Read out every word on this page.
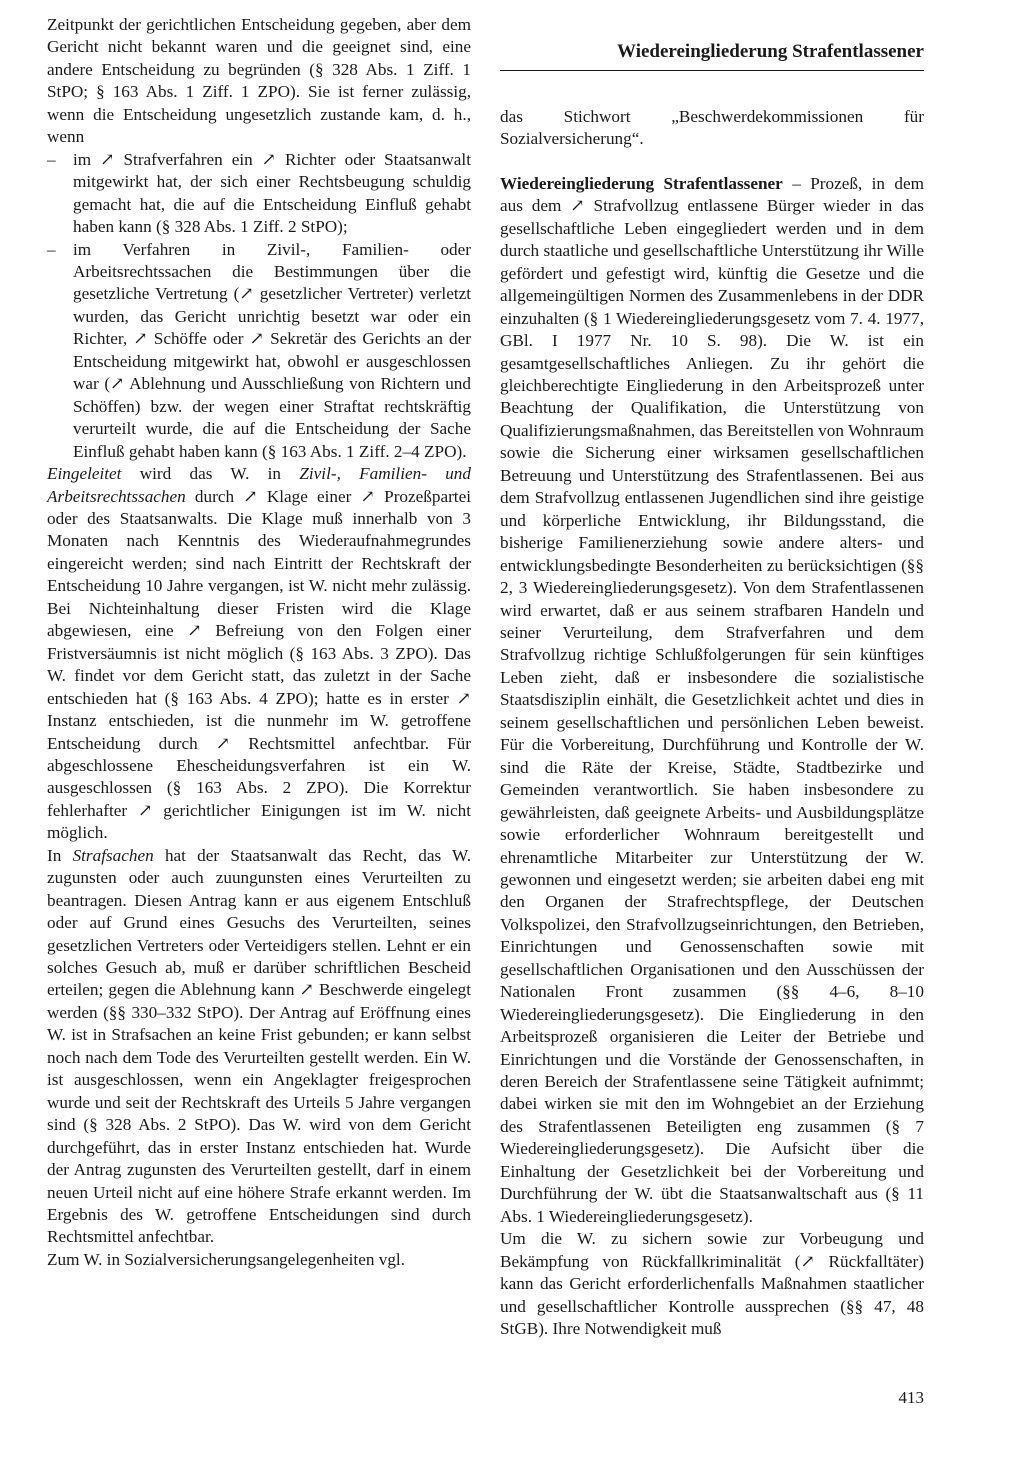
Wiedereingliederung Strafentlassener

Zeitpunkt der gerichtlichen Entscheidung gegeben, aber dem Gericht nicht bekannt waren und die geeignet sind, eine andere Entscheidung zu begründen (§ 328 Abs. 1 Ziff. 1 StPO; § 163 Abs. 1 Ziff. 1 ZPO). Sie ist ferner zulässig, wenn die Entscheidung ungesetzlich zustande kam, d. h., wenn

– im ↗ Strafverfahren ein ↗ Richter oder Staatsanwalt mitgewirkt hat, der sich einer Rechtsbeugung schuldig gemacht hat, die auf die Entscheidung Einfluß gehabt haben kann (§ 328 Abs. 1 Ziff. 2 StPO);

– im Verfahren in Zivil-, Familien- oder Arbeitsrechtssachen die Bestimmungen über die gesetzliche Vertretung (↗ gesetzlicher Vertreter) verletzt wurden, das Gericht unrichtig besetzt war oder ein Richter, ↗ Schöffe oder ↗ Sekretär des Gerichts an der Entscheidung mitgewirkt hat, obwohl er ausgeschlossen war (↗ Ablehnung und Ausschließung von Richtern und Schöffen) bzw. der wegen einer Straftat rechtskräftig verurteilt wurde, die auf die Entscheidung der Sache Einfluß gehabt haben kann (§ 163 Abs. 1 Ziff. 2–4 ZPO).

Eingeleitet wird das W. in Zivil-, Familien- und Arbeitsrechtssachen durch ↗ Klage einer ↗ Prozeßpartei oder des Staatsanwalts. Die Klage muß innerhalb von 3 Monaten nach Kenntnis des Wiederaufnahmegrundes eingereicht werden; sind nach Eintritt der Rechtskraft der Entscheidung 10 Jahre vergangen, ist W. nicht mehr zulässig. Bei Nichteinhaltung dieser Fristen wird die Klage abgewiesen, eine ↗ Befreiung von den Folgen einer Fristversäumnis ist nicht möglich (§ 163 Abs. 3 ZPO). Das W. findet vor dem Gericht statt, das zuletzt in der Sache entschieden hat (§ 163 Abs. 4 ZPO); hatte es in erster ↗ Instanz entschieden, ist die nunmehr im W. getroffene Entscheidung durch ↗ Rechtsmittel anfechtbar. Für abgeschlossene Ehescheidungsverfahren ist ein W. ausgeschlossen (§ 163 Abs. 2 ZPO). Die Korrektur fehlerhafter ↗ gerichtlicher Einigungen ist im W. nicht möglich.

In Strafsachen hat der Staatsanwalt das Recht, das W. zugunsten oder auch zuungunsten eines Verurteilten zu beantragen. Diesen Antrag kann er aus eigenem Entschluß oder auf Grund eines Gesuchs des Verurteilten, seines gesetzlichen Vertreters oder Verteidigers stellen. Lehnt er ein solches Gesuch ab, muß er darüber schriftlichen Bescheid erteilen; gegen die Ablehnung kann ↗ Beschwerde eingelegt werden (§§ 330–332 StPO). Der Antrag auf Eröffnung eines W. ist in Strafsachen an keine Frist gebunden; er kann selbst noch nach dem Tode des Verurteilten gestellt werden. Ein W. ist ausgeschlossen, wenn ein Angeklagter freigesprochen wurde und seit der Rechtskraft des Urteils 5 Jahre vergangen sind (§ 328 Abs. 2 StPO). Das W. wird von dem Gericht durchgeführt, das in erster Instanz entschieden hat. Wurde der Antrag zugunsten des Verurteilten gestellt, darf in einem neuen Urteil nicht auf eine höhere Strafe erkannt werden. Im Ergebnis des W. getroffene Entscheidungen sind durch Rechtsmittel anfechtbar.

Zum W. in Sozialversicherungsangelegenheiten vgl.

das Stichwort „Beschwerdekommissionen für Sozialversicherung“.

Wiedereingliederung Strafentlassener – Prozeß, in dem aus dem ↗ Strafvollzug entlassene Bürger wieder in das gesellschaftliche Leben eingegliedert werden und in dem durch staatliche und gesellschaftliche Unterstützung ihr Wille gefördert und gefestigt wird, künftig die Gesetze und die allgemeingültigen Normen des Zusammenlebens in der DDR einzuhalten (§ 1 Wiedereingliederungsgesetz vom 7. 4. 1977, GBl. I 1977 Nr. 10 S. 98). Die W. ist ein gesamtgesellschaftliches Anliegen. Zu ihr gehört die gleichberechtigte Eingliederung in den Arbeitsprozeß unter Beachtung der Qualifikation, die Unterstützung von Qualifizierungsmaßnahmen, das Bereitstellen von Wohnraum sowie die Sicherung einer wirksamen gesellschaftlichen Betreuung und Unterstützung des Strafentlassenen. Bei aus dem Strafvollzug entlassenen Jugendlichen sind ihre geistige und körperliche Entwicklung, ihr Bildungsstand, die bisherige Familienerziehung sowie andere alters- und entwicklungsbedingte Besonderheiten zu berücksichtigen (§§ 2, 3 Wiedereingliederungsgesetz). Von dem Strafentlassenen wird erwartet, daß er aus seinem strafbaren Handeln und seiner Verurteilung, dem Strafverfahren und dem Strafvollzug richtige Schlußfolgerungen für sein künftiges Leben zieht, daß er insbesondere die sozialistische Staatsdisziplin einhält, die Gesetzlichkeit achtet und dies in seinem gesellschaftlichen und persönlichen Leben beweist. Für die Vorbereitung, Durchführung und Kontrolle der W. sind die Räte der Kreise, Städte, Stadtbezirke und Gemeinden verantwortlich. Sie haben insbesondere zu gewährleisten, daß geeignete Arbeits- und Ausbildungsplätze sowie erforderlicher Wohnraum bereitgestellt und ehrenamtliche Mitarbeiter zur Unterstützung der W. gewonnen und eingesetzt werden; sie arbeiten dabei eng mit den Organen der Strafrechtspflege, der Deutschen Volkspolizei, den Strafvollzugseinrichtungen, den Betrieben, Einrichtungen und Genossenschaften sowie mit gesellschaftlichen Organisationen und den Ausschüssen der Nationalen Front zusammen (§§ 4–6, 8–10 Wiedereingliederungsgesetz). Die Eingliederung in den Arbeitsprozeß organisieren die Leiter der Betriebe und Einrichtungen und die Vorstände der Genossenschaften, in deren Bereich der Strafentlassene seine Tätigkeit aufnimmt; dabei wirken sie mit den im Wohngebiet an der Erziehung des Strafentlassenen Beteiligten eng zusammen (§ 7 Wiedereingliederungsgesetz). Die Aufsicht über die Einhaltung der Gesetzlichkeit bei der Vorbereitung und Durchführung der W. übt die Staatsanwaltschaft aus (§ 11 Abs. 1 Wiedereingliederungsgesetz).

Um die W. zu sichern sowie zur Vorbeugung und Bekämpfung von Rückfallkriminalität (↗ Rückfalltäter) kann das Gericht erforderlichenfalls Maßnahmen staatlicher und gesellschaftlicher Kontrolle aussprechen (§§ 47, 48 StGB). Ihre Notwendigkeit muß

413
